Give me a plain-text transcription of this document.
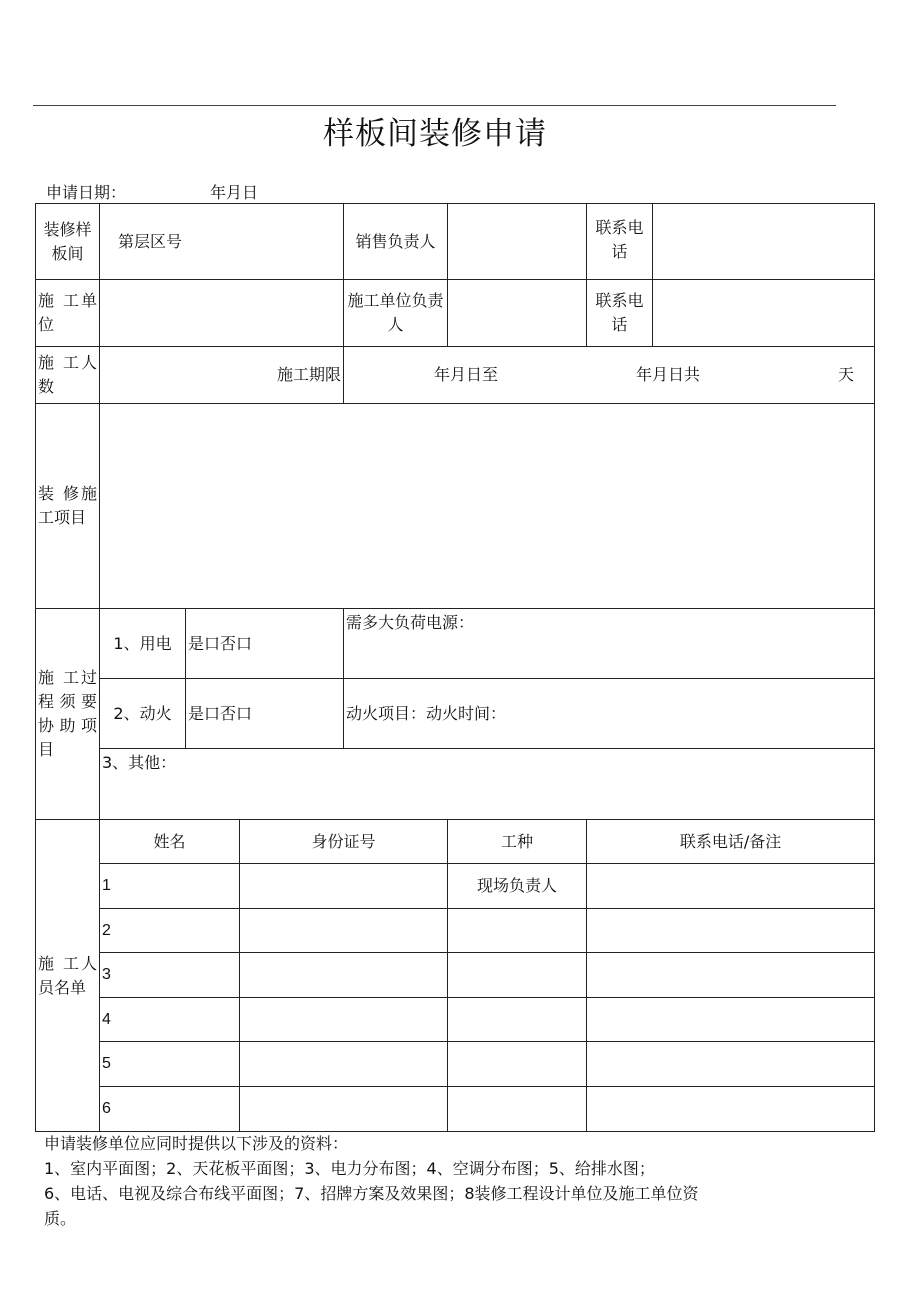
样板间装修申请
申请日期：	年月日
装修样板间	第层区号			销售负责人		联系电话	
施 工单位				施工单位负责人		联系电话	
施 工人数	施工期限			年月日至 年月日共 天			

装 修施工项目							
施 工过程须要协助项目	1、用电	是口否口		需多大负荷电源：			
	2、动火	是口否口		动火项目：动火时间：			
	3、其他：						
施 工人员名单	姓名		身份证号		工种	联系电话/备注	
	1				现场负责人		
	2						
	3						
	4						
	5						
	6						
申请装修单位应同时提供以下涉及的资料：
1、室内平面图；2、天花板平面图；3、电力分布图；4、空调分布图；5、给排水图；
6、电话、电视及综合布线平面图；7、招牌方案及效果图；8装修工程设计单位及施工单位资
质。
